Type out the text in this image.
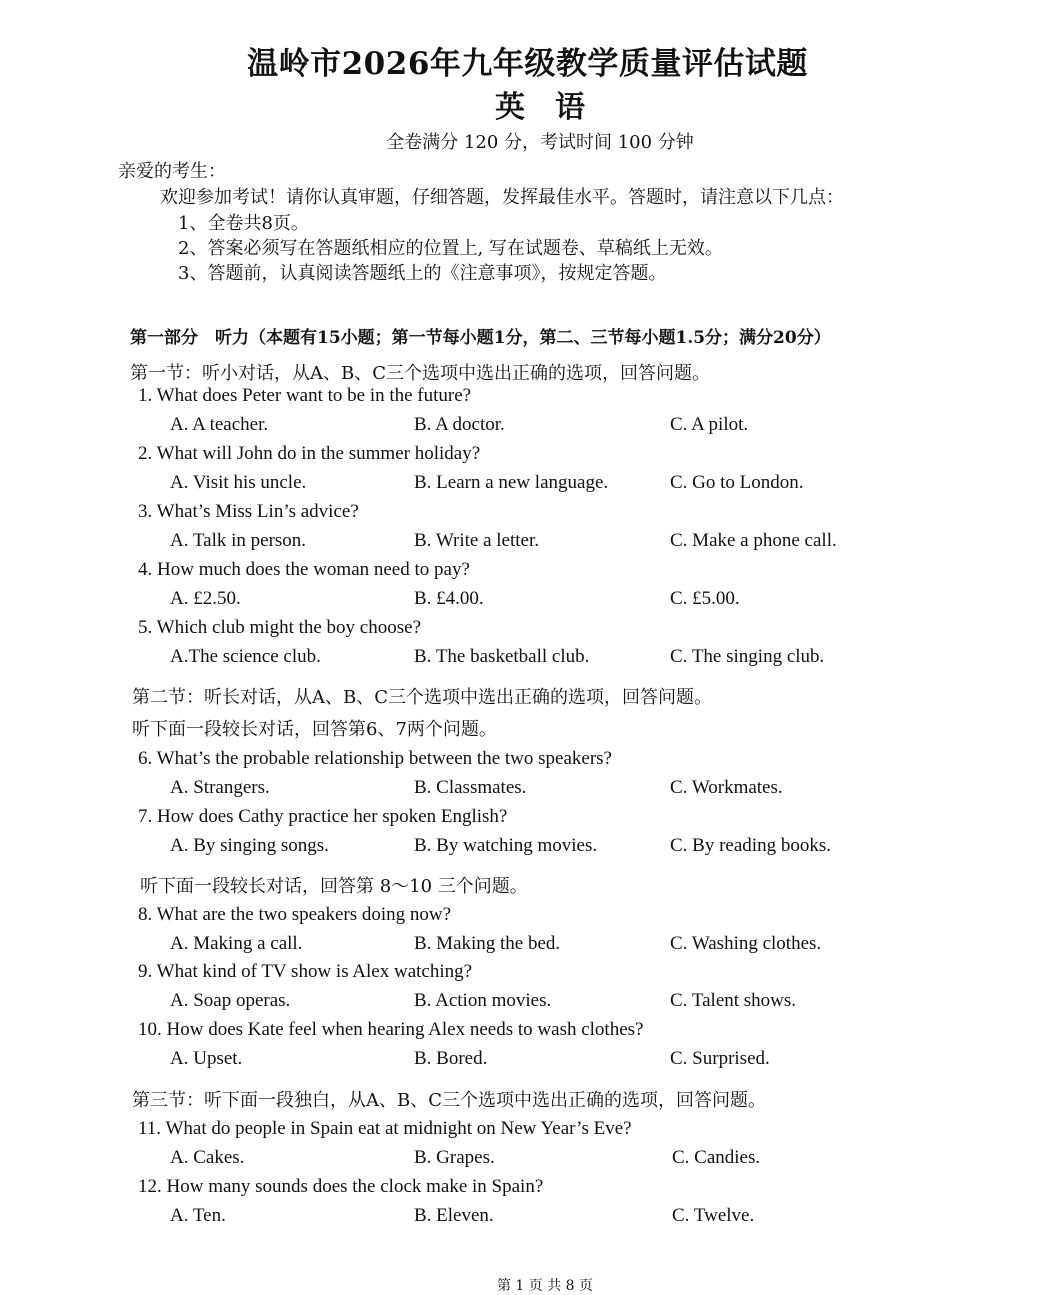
温岭市2026年九年级教学质量评估试题
英　语
全卷满分 120 分，考试时间 100 分钟
亲爱的考生：
欢迎参加考试！请你认真审题，仔细答题，发挥最佳水平。答题时，请注意以下几点：
1、全卷共8页。
2、答案必须写在答题纸相应的位置上, 写在试题卷、草稿纸上无效。
3、答题前，认真阅读答题纸上的《注意事项》，按规定答题。
第一部分　听力（本题有15小题；第一节每小题1分，第二、三节每小题1.5分；满分20分）
第一节：听小对话，从A、B、C三个选项中选出正确的选项，回答问题。
1. What does Peter want to be in the future?
A. A teacher.	B. A doctor.	C. A pilot.
2. What will John do in the summer holiday?
A. Visit his uncle.	B. Learn a new language.	C. Go to London.
3. What’s Miss Lin’s advice?
A. Talk in person.	B. Write a letter.	C. Make a phone call.
4. How much does the woman need to pay?
A. £2.50.	B. £4.00.	C. £5.00.
5. Which club might the boy choose?
A.The science club.	B. The basketball club.	C. The singing club.
第二节：听长对话，从A、B、C三个选项中选出正确的选项，回答问题。
听下面一段较长对话，回答第6、7两个问题。
6. What’s the probable relationship between the two speakers?
A. Strangers.	B. Classmates.	C. Workmates.
7. How does Cathy practice her spoken English?
A. By singing songs.	B. By watching movies.	C. By reading books.
听下面一段较长对话，回答第 8～10 三个问题。
8. What are the two speakers doing now?
A. Making a call.	B. Making the bed.	C. Washing clothes.
9. What kind of TV show is Alex watching?
A. Soap operas.	B. Action movies.	C. Talent shows.
10. How does Kate feel when hearing Alex needs to wash clothes?
A. Upset.	B. Bored.	C. Surprised.
第三节：听下面一段独白，从A、B、C三个选项中选出正确的选项，回答问题。
11. What do people in Spain eat at midnight on New Year’s Eve?
A. Cakes.	B. Grapes.	C. Candies.
12. How many sounds does the clock make in Spain?
A. Ten.	B. Eleven.	C. Twelve.
第 1 页 共 8 页
